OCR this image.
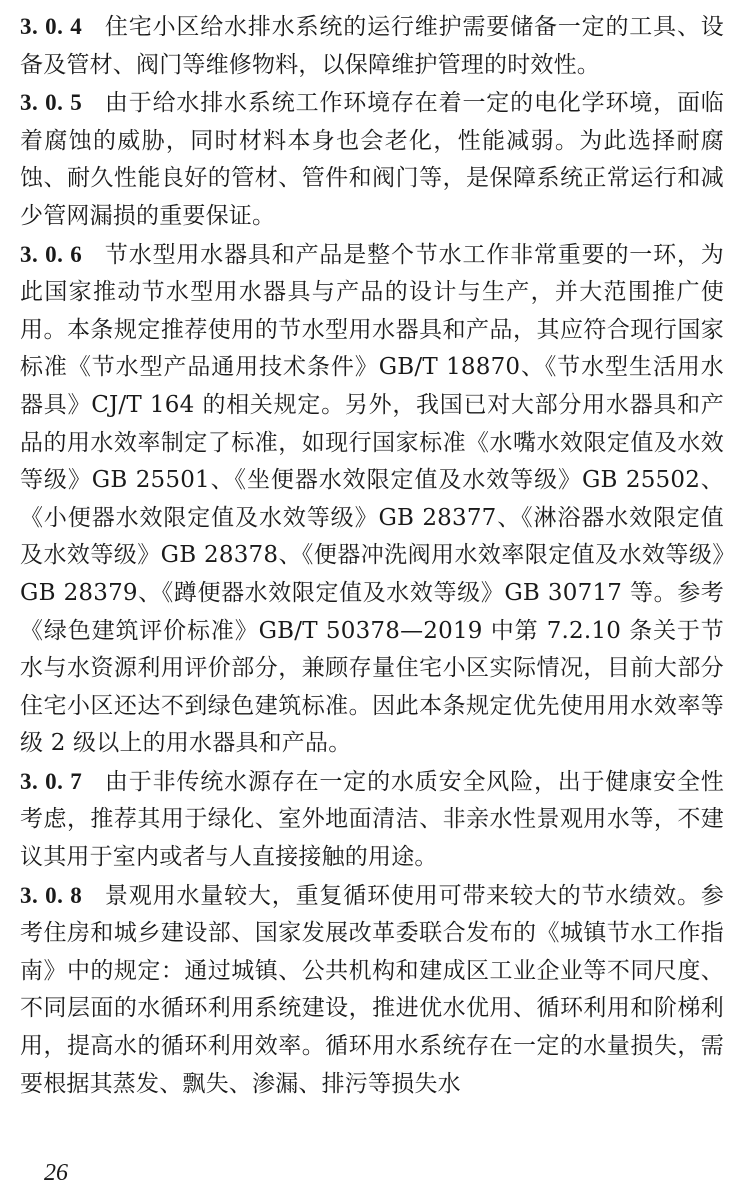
3. 0. 4 住宅小区给水排水系统的运行维护需要储备一定的工具、设备及管材、阀门等维修物料，以保障维护管理的时效性。

3. 0. 5 由于给水排水系统工作环境存在着一定的电化学环境，面临着腐蚀的威胁，同时材料本身也会老化，性能减弱。为此选择耐腐蚀、耐久性能良好的管材、管件和阀门等，是保障系统正常运行和减少管网漏损的重要保证。

3. 0. 6 节水型用水器具和产品是整个节水工作非常重要的一环，为此国家推动节水型用水器具与产品的设计与生产，并大范围推广使用。本条规定推荐使用的节水型用水器具和产品，其应符合现行国家标准《节水型产品通用技术条件》GB/T 18870、《节水型生活用水器具》CJ/T 164 的相关规定。另外，我国已对大部分用水器具和产品的用水效率制定了标准，如现行国家标准《水嘴水效限定值及水效等级》GB 25501、《坐便器水效限定值及水效等级》GB 25502、《小便器水效限定值及水效等级》GB 28377、《淋浴器水效限定值及水效等级》GB 28378、《便器冲洗阀用水效率限定值及水效等级》GB 28379、《蹲便器水效限定值及水效等级》GB 30717 等。参考《绿色建筑评价标准》GB/T 50378—2019 中第 7.2.10 条关于节水与水资源利用评价部分，兼顾存量住宅小区实际情况，目前大部分住宅小区还达不到绿色建筑标准。因此本条规定优先使用用水效率等级 2 级以上的用水器具和产品。

3. 0. 7 由于非传统水源存在一定的水质安全风险，出于健康安全性考虑，推荐其用于绿化、室外地面清洁、非亲水性景观用水等，不建议其用于室内或者与人直接接触的用途。

3. 0. 8 景观用水量较大，重复循环使用可带来较大的节水绩效。参考住房和城乡建设部、国家发展改革委联合发布的《城镇节水工作指南》中的规定：通过城镇、公共机构和建成区工业企业等不同尺度、不同层面的水循环利用系统建设，推进优水优用、循环利用和阶梯利用，提高水的循环利用效率。循环用水系统存在一定的水量损失，需要根据其蒸发、飘失、渗漏、排污等损失水

26
